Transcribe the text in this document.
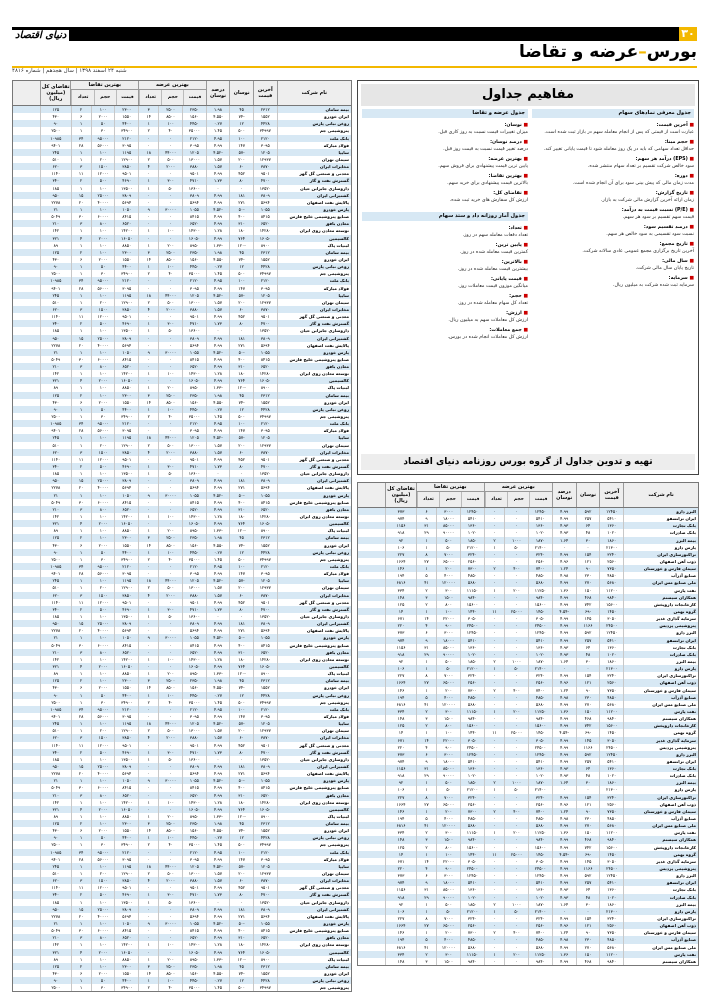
۳۰
دنیای اقتصاد
بورس–عرضه و تقاضا
شنبه ۲۴ اسفند ۱۳۹۸ | سال هجدهم | شماره ۴۸۱۶
نام شرکت
آخرین قیمت
نوسان
درصد نوسان
بهترین عرضه
قیمت
حجم
تعداد
بهترین تقاضا
قیمت
حجم
تعداد
تقاضای کل (میلیون ریال)
بیمه سامان
۲۳۱۲
۴۵
۱.۹۸
۲۳۵۰
۲۵۰۰
۳
۲۳۰۰
۱۰۰
۲
۱۲۵
ایران خودرو
۱۵۵۲
۷۴-
۴.۵۵-
۱۵۶۰
۸۵۰۰
۱۴
۱۵۵۰
۲۰۰۰
۶
۴۳۰
روغن نباتی پارس
۴۴۲۸
۱۲
۰.۲۷
۴۴۵۰
۱۰۰
۱
۴۴۰۰
۵۰
۱
۹۰
پتروشیمی جم
۳۴۹۹۷
۵۰۰
۱.۴۵
۳۵۰۰۰
۴۰
۲
۳۴۹۰۰
۳۰
۱
۲۵۰۰
بانک ملت
۲۱۲۰
۱۰۰
۴.۹۵
۲۱۲۰
۰
۰
۲۱۲۰
۹۵۰۰۰
۳۴
۱۰۹۸۵
فولاد مبارکه
۳۰۹۵
۱۴۷
۴.۹۹
۳۰۹۵
۰
۰
۳۰۹۵
۵۶۰۰۰
۲۸
۹۴۰۱
سایپا
۱۲۰۵
۵۷-
۴.۵۲-
۱۲۰۵
۴۴۰۰۰
۱۸
۱۱۹۵
۱۰۰
۱
۲۴۵
سیمان تهران
۱۲۹۳۷
۲۰۰
۱.۵۷
۱۳۰۰۰
۵۰۰
۲
۱۲۹۰۰
۲۰۰
۱
۵۱۰
مخابرات ایران
۳۸۷۰
۶۰
۱.۵۷
۳۸۸۰
۲۰۰۰
۴
۳۸۵۰
۱۵۰۰
۳
۶۲۰
معدنی و صنعتی گل گهر
۹۵۰۱
۴۵۲
۴.۹۹
۹۵۰۱
۰
۰
۹۵۰۱
۱۲۰۰۰
۱۱
۱۱۴۰
گسترش نفت و گاز
۴۷۰۰
۸۰
۱.۷۳
۴۷۱۰
۳۰۰
۱
۴۶۹۰
۵۰۰
۲
۳۴۰
داروسازی جابرابن حیان
۱۳۵۲۰
۰
۰
۱۳۶۰۰
۵۰
۱
۱۳۵۰۰
۱۰۰
۱
۱۸۵
کشتیرانی ایران
۳۸۰۹
۱۸۱
۴.۹۹
۳۸۰۹
۰
۰
۳۸۰۹
۲۵۰۰۰
۱۵
۹۵۰
پالایش نفت اصفهان
۵۶۹۴
۲۷۱
۴.۹۹
۵۶۹۴
۰
۰
۵۶۹۴
۴۰۰۰۰
۲۰
۲۲۷۸
پارس خودرو
۱۰۵۵
۵۰-
۴.۵۲-
۱۰۵۵
۳۰۰۰۰
۹
۱۰۵۰
۱۰۰
۱
۲۱
صنایع پتروشیمی خلیج فارس
۸۴۱۵
۴۰۰
۴.۹۹
۸۴۱۵
۰
۰
۸۴۱۵
۶۰۰۰۰
۳۰
۵۰۴۹
معادن بافق
۶۵۲۰
۳۱۰
۴.۹۹
۶۵۲۰
۰
۰
۶۵۲۰
۸۰۰
۳
۲۱۰
توسعه معادن روی ایران
۱۴۲۸۰
۱۸۰
۱.۲۸
۱۴۳۰۰
۱۰۰
۱
۱۴۲۰۰
۱۰۰
۱
۱۴۲
کالسیمین
۱۶۰۵۰
۷۶۴
۴.۹۹
۱۶۰۵۰
۰
۰
۱۶۰۵۰
۲۰۰۰
۴
۳۲۱
لبنیات پاک
۸۹۰۰
۱۲۰-
۱.۳۳-
۸۹۵۰
۲۰۰
۱
۸۸۵۰
۱۰۰
۱
۸۹
بیمه سامان
۲۳۱۲
۴۵
۱.۹۸
۲۳۵۰
۲۵۰۰
۳
۲۳۰۰
۱۰۰
۲
۱۲۵
ایران خودرو
۱۵۵۲
۷۴-
۴.۵۵-
۱۵۶۰
۸۵۰۰
۱۴
۱۵۵۰
۲۰۰۰
۶
۴۳۰
روغن نباتی پارس
۴۴۲۸
۱۲
۰.۲۷
۴۴۵۰
۱۰۰
۱
۴۴۰۰
۵۰
۱
۹۰
پتروشیمی جم
۳۴۹۹۷
۵۰۰
۱.۴۵
۳۵۰۰۰
۴۰
۲
۳۴۹۰۰
۳۰
۱
۲۵۰۰
بانک ملت
۲۱۲۰
۱۰۰
۴.۹۵
۲۱۲۰
۰
۰
۲۱۲۰
۹۵۰۰۰
۳۴
۱۰۹۸۵
فولاد مبارکه
۳۰۹۵
۱۴۷
۴.۹۹
۳۰۹۵
۰
۰
۳۰۹۵
۵۶۰۰۰
۲۸
۹۴۰۱
سایپا
۱۲۰۵
۵۷-
۴.۵۲-
۱۲۰۵
۴۴۰۰۰
۱۸
۱۱۹۵
۱۰۰
۱
۲۴۵
سیمان تهران
۱۲۹۳۷
۲۰۰
۱.۵۷
۱۳۰۰۰
۵۰۰
۲
۱۲۹۰۰
۲۰۰
۱
۵۱۰
مخابرات ایران
۳۸۷۰
۶۰
۱.۵۷
۳۸۸۰
۲۰۰۰
۴
۳۸۵۰
۱۵۰۰
۳
۶۲۰
معدنی و صنعتی گل گهر
۹۵۰۱
۴۵۲
۴.۹۹
۹۵۰۱
۰
۰
۹۵۰۱
۱۲۰۰۰
۱۱
۱۱۴۰
گسترش نفت و گاز
۴۷۰۰
۸۰
۱.۷۳
۴۷۱۰
۳۰۰
۱
۴۶۹۰
۵۰۰
۲
۳۴۰
داروسازی جابرابن حیان
۱۳۵۲۰
۰
۰
۱۳۶۰۰
۵۰
۱
۱۳۵۰۰
۱۰۰
۱
۱۸۵
کشتیرانی ایران
۳۸۰۹
۱۸۱
۴.۹۹
۳۸۰۹
۰
۰
۳۸۰۹
۲۵۰۰۰
۱۵
۹۵۰
پالایش نفت اصفهان
۵۶۹۴
۲۷۱
۴.۹۹
۵۶۹۴
۰
۰
۵۶۹۴
۴۰۰۰۰
۲۰
۲۲۷۸
پارس خودرو
۱۰۵۵
۵۰-
۴.۵۲-
۱۰۵۵
۳۰۰۰۰
۹
۱۰۵۰
۱۰۰
۱
۲۱
صنایع پتروشیمی خلیج فارس
۸۴۱۵
۴۰۰
۴.۹۹
۸۴۱۵
۰
۰
۸۴۱۵
۶۰۰۰۰
۳۰
۵۰۴۹
معادن بافق
۶۵۲۰
۳۱۰
۴.۹۹
۶۵۲۰
۰
۰
۶۵۲۰
۸۰۰
۳
۲۱۰
توسعه معادن روی ایران
۱۴۲۸۰
۱۸۰
۱.۲۸
۱۴۳۰۰
۱۰۰
۱
۱۴۲۰۰
۱۰۰
۱
۱۴۲
کالسیمین
۱۶۰۵۰
۷۶۴
۴.۹۹
۱۶۰۵۰
۰
۰
۱۶۰۵۰
۲۰۰۰
۴
۳۲۱
لبنیات پاک
۸۹۰۰
۱۲۰-
۱.۳۳-
۸۹۵۰
۲۰۰
۱
۸۸۵۰
۱۰۰
۱
۸۹
بیمه سامان
۲۳۱۲
۴۵
۱.۹۸
۲۳۵۰
۲۵۰۰
۳
۲۳۰۰
۱۰۰
۲
۱۲۵
ایران خودرو
۱۵۵۲
۷۴-
۴.۵۵-
۱۵۶۰
۸۵۰۰
۱۴
۱۵۵۰
۲۰۰۰
۶
۴۳۰
روغن نباتی پارس
۴۴۲۸
۱۲
۰.۲۷
۴۴۵۰
۱۰۰
۱
۴۴۰۰
۵۰
۱
۹۰
پتروشیمی جم
۳۴۹۹۷
۵۰۰
۱.۴۵
۳۵۰۰۰
۴۰
۲
۳۴۹۰۰
۳۰
۱
۲۵۰۰
بانک ملت
۲۱۲۰
۱۰۰
۴.۹۵
۲۱۲۰
۰
۰
۲۱۲۰
۹۵۰۰۰
۳۴
۱۰۹۸۵
فولاد مبارکه
۳۰۹۵
۱۴۷
۴.۹۹
۳۰۹۵
۰
۰
۳۰۹۵
۵۶۰۰۰
۲۸
۹۴۰۱
سایپا
۱۲۰۵
۵۷-
۴.۵۲-
۱۲۰۵
۴۴۰۰۰
۱۸
۱۱۹۵
۱۰۰
۱
۲۴۵
سیمان تهران
۱۲۹۳۷
۲۰۰
۱.۵۷
۱۳۰۰۰
۵۰۰
۲
۱۲۹۰۰
۲۰۰
۱
۵۱۰
مخابرات ایران
۳۸۷۰
۶۰
۱.۵۷
۳۸۸۰
۲۰۰۰
۴
۳۸۵۰
۱۵۰۰
۳
۶۲۰
معدنی و صنعتی گل گهر
۹۵۰۱
۴۵۲
۴.۹۹
۹۵۰۱
۰
۰
۹۵۰۱
۱۲۰۰۰
۱۱
۱۱۴۰
گسترش نفت و گاز
۴۷۰۰
۸۰
۱.۷۳
۴۷۱۰
۳۰۰
۱
۴۶۹۰
۵۰۰
۲
۳۴۰
داروسازی جابرابن حیان
۱۳۵۲۰
۰
۰
۱۳۶۰۰
۵۰
۱
۱۳۵۰۰
۱۰۰
۱
۱۸۵
کشتیرانی ایران
۳۸۰۹
۱۸۱
۴.۹۹
۳۸۰۹
۰
۰
۳۸۰۹
۲۵۰۰۰
۱۵
۹۵۰
پالایش نفت اصفهان
۵۶۹۴
۲۷۱
۴.۹۹
۵۶۹۴
۰
۰
۵۶۹۴
۴۰۰۰۰
۲۰
۲۲۷۸
پارس خودرو
۱۰۵۵
۵۰-
۴.۵۲-
۱۰۵۵
۳۰۰۰۰
۹
۱۰۵۰
۱۰۰
۱
۲۱
صنایع پتروشیمی خلیج فارس
۸۴۱۵
۴۰۰
۴.۹۹
۸۴۱۵
۰
۰
۸۴۱۵
۶۰۰۰۰
۳۰
۵۰۴۹
معادن بافق
۶۵۲۰
۳۱۰
۴.۹۹
۶۵۲۰
۰
۰
۶۵۲۰
۸۰۰
۳
۲۱۰
توسعه معادن روی ایران
۱۴۲۸۰
۱۸۰
۱.۲۸
۱۴۳۰۰
۱۰۰
۱
۱۴۲۰۰
۱۰۰
۱
۱۴۲
کالسیمین
۱۶۰۵۰
۷۶۴
۴.۹۹
۱۶۰۵۰
۰
۰
۱۶۰۵۰
۲۰۰۰
۴
۳۲۱
لبنیات پاک
۸۹۰۰
۱۲۰-
۱.۳۳-
۸۹۵۰
۲۰۰
۱
۸۸۵۰
۱۰۰
۱
۸۹
بیمه سامان
۲۳۱۲
۴۵
۱.۹۸
۲۳۵۰
۲۵۰۰
۳
۲۳۰۰
۱۰۰
۲
۱۲۵
ایران خودرو
۱۵۵۲
۷۴-
۴.۵۵-
۱۵۶۰
۸۵۰۰
۱۴
۱۵۵۰
۲۰۰۰
۶
۴۳۰
روغن نباتی پارس
۴۴۲۸
۱۲
۰.۲۷
۴۴۵۰
۱۰۰
۱
۴۴۰۰
۵۰
۱
۹۰
پتروشیمی جم
۳۴۹۹۷
۵۰۰
۱.۴۵
۳۵۰۰۰
۴۰
۲
۳۴۹۰۰
۳۰
۱
۲۵۰۰
بانک ملت
۲۱۲۰
۱۰۰
۴.۹۵
۲۱۲۰
۰
۰
۲۱۲۰
۹۵۰۰۰
۳۴
۱۰۹۸۵
فولاد مبارکه
۳۰۹۵
۱۴۷
۴.۹۹
۳۰۹۵
۰
۰
۳۰۹۵
۵۶۰۰۰
۲۸
۹۴۰۱
سایپا
۱۲۰۵
۵۷-
۴.۵۲-
۱۲۰۵
۴۴۰۰۰
۱۸
۱۱۹۵
۱۰۰
۱
۲۴۵
سیمان تهران
۱۲۹۳۷
۲۰۰
۱.۵۷
۱۳۰۰۰
۵۰۰
۲
۱۲۹۰۰
۲۰۰
۱
۵۱۰
مخابرات ایران
۳۸۷۰
۶۰
۱.۵۷
۳۸۸۰
۲۰۰۰
۴
۳۸۵۰
۱۵۰۰
۳
۶۲۰
معدنی و صنعتی گل گهر
۹۵۰۱
۴۵۲
۴.۹۹
۹۵۰۱
۰
۰
۹۵۰۱
۱۲۰۰۰
۱۱
۱۱۴۰
گسترش نفت و گاز
۴۷۰۰
۸۰
۱.۷۳
۴۷۱۰
۳۰۰
۱
۴۶۹۰
۵۰۰
۲
۳۴۰
داروسازی جابرابن حیان
۱۳۵۲۰
۰
۰
۱۳۶۰۰
۵۰
۱
۱۳۵۰۰
۱۰۰
۱
۱۸۵
کشتیرانی ایران
۳۸۰۹
۱۸۱
۴.۹۹
۳۸۰۹
۰
۰
۳۸۰۹
۲۵۰۰۰
۱۵
۹۵۰
پالایش نفت اصفهان
۵۶۹۴
۲۷۱
۴.۹۹
۵۶۹۴
۰
۰
۵۶۹۴
۴۰۰۰۰
۲۰
۲۲۷۸
پارس خودرو
۱۰۵۵
۵۰-
۴.۵۲-
۱۰۵۵
۳۰۰۰۰
۹
۱۰۵۰
۱۰۰
۱
۲۱
صنایع پتروشیمی خلیج فارس
۸۴۱۵
۴۰۰
۴.۹۹
۸۴۱۵
۰
۰
۸۴۱۵
۶۰۰۰۰
۳۰
۵۰۴۹
معادن بافق
۶۵۲۰
۳۱۰
۴.۹۹
۶۵۲۰
۰
۰
۶۵۲۰
۸۰۰
۳
۲۱۰
توسعه معادن روی ایران
۱۴۲۸۰
۱۸۰
۱.۲۸
۱۴۳۰۰
۱۰۰
۱
۱۴۲۰۰
۱۰۰
۱
۱۴۲
کالسیمین
۱۶۰۵۰
۷۶۴
۴.۹۹
۱۶۰۵۰
۰
۰
۱۶۰۵۰
۲۰۰۰
۴
۳۲۱
لبنیات پاک
۸۹۰۰
۱۲۰-
۱.۳۳-
۸۹۵۰
۲۰۰
۱
۸۸۵۰
۱۰۰
۱
۸۹
بیمه سامان
۲۳۱۲
۴۵
۱.۹۸
۲۳۵۰
۲۵۰۰
۳
۲۳۰۰
۱۰۰
۲
۱۲۵
ایران خودرو
۱۵۵۲
۷۴-
۴.۵۵-
۱۵۶۰
۸۵۰۰
۱۴
۱۵۵۰
۲۰۰۰
۶
۴۳۰
روغن نباتی پارس
۴۴۲۸
۱۲
۰.۲۷
۴۴۵۰
۱۰۰
۱
۴۴۰۰
۵۰
۱
۹۰
پتروشیمی جم
۳۴۹۹۷
۵۰۰
۱.۴۵
۳۵۰۰۰
۴۰
۲
۳۴۹۰۰
۳۰
۱
۲۵۰۰
بانک ملت
۲۱۲۰
۱۰۰
۴.۹۵
۲۱۲۰
۰
۰
۲۱۲۰
۹۵۰۰۰
۳۴
۱۰۹۸۵
فولاد مبارکه
۳۰۹۵
۱۴۷
۴.۹۹
۳۰۹۵
۰
۰
۳۰۹۵
۵۶۰۰۰
۲۸
۹۴۰۱
سایپا
۱۲۰۵
۵۷-
۴.۵۲-
۱۲۰۵
۴۴۰۰۰
۱۸
۱۱۹۵
۱۰۰
۱
۲۴۵
سیمان تهران
۱۲۹۳۷
۲۰۰
۱.۵۷
۱۳۰۰۰
۵۰۰
۲
۱۲۹۰۰
۲۰۰
۱
۵۱۰
مخابرات ایران
۳۸۷۰
۶۰
۱.۵۷
۳۸۸۰
۲۰۰۰
۴
۳۸۵۰
۱۵۰۰
۳
۶۲۰
معدنی و صنعتی گل گهر
۹۵۰۱
۴۵۲
۴.۹۹
۹۵۰۱
۰
۰
۹۵۰۱
۱۲۰۰۰
۱۱
۱۱۴۰
گسترش نفت و گاز
۴۷۰۰
۸۰
۱.۷۳
۴۷۱۰
۳۰۰
۱
۴۶۹۰
۵۰۰
۲
۳۴۰
داروسازی جابرابن حیان
۱۳۵۲۰
۰
۰
۱۳۶۰۰
۵۰
۱
۱۳۵۰۰
۱۰۰
۱
۱۸۵
کشتیرانی ایران
۳۸۰۹
۱۸۱
۴.۹۹
۳۸۰۹
۰
۰
۳۸۰۹
۲۵۰۰۰
۱۵
۹۵۰
پالایش نفت اصفهان
۵۶۹۴
۲۷۱
۴.۹۹
۵۶۹۴
۰
۰
۵۶۹۴
۴۰۰۰۰
۲۰
۲۲۷۸
پارس خودرو
۱۰۵۵
۵۰-
۴.۵۲-
۱۰۵۵
۳۰۰۰۰
۹
۱۰۵۰
۱۰۰
۱
۲۱
صنایع پتروشیمی خلیج فارس
۸۴۱۵
۴۰۰
۴.۹۹
۸۴۱۵
۰
۰
۸۴۱۵
۶۰۰۰۰
۳۰
۵۰۴۹
معادن بافق
۶۵۲۰
۳۱۰
۴.۹۹
۶۵۲۰
۰
۰
۶۵۲۰
۸۰۰
۳
۲۱۰
توسعه معادن روی ایران
۱۴۲۸۰
۱۸۰
۱.۲۸
۱۴۳۰۰
۱۰۰
۱
۱۴۲۰۰
۱۰۰
۱
۱۴۲
کالسیمین
۱۶۰۵۰
۷۶۴
۴.۹۹
۱۶۰۵۰
۰
۰
۱۶۰۵۰
۲۰۰۰
۴
۳۲۱
لبنیات پاک
۸۹۰۰
۱۲۰-
۱.۳۳-
۸۹۵۰
۲۰۰
۱
۸۸۵۰
۱۰۰
۱
۸۹
بیمه سامان
۲۳۱۲
۴۵
۱.۹۸
۲۳۵۰
۲۵۰۰
۳
۲۳۰۰
۱۰۰
۲
۱۲۵
ایران خودرو
۱۵۵۲
۷۴-
۴.۵۵-
۱۵۶۰
۸۵۰۰
۱۴
۱۵۵۰
۲۰۰۰
۶
۴۳۰
روغن نباتی پارس
۴۴۲۸
۱۲
۰.۲۷
۴۴۵۰
۱۰۰
۱
۴۴۰۰
۵۰
۱
۹۰
پتروشیمی جم
۳۴۹۹۷
۵۰۰
۱.۴۵
۳۵۰۰۰
۴۰
۲
۳۴۹۰۰
۳۰
۱
۲۵۰۰
بانک ملت
۲۱۲۰
۱۰۰
۴.۹۵
۲۱۲۰
۰
۰
۲۱۲۰
۹۵۰۰۰
۳۴
۱۰۹۸۵
فولاد مبارکه
۳۰۹۵
۱۴۷
۴.۹۹
۳۰۹۵
۰
۰
۳۰۹۵
۵۶۰۰۰
۲۸
۹۴۰۱
سایپا
۱۲۰۵
۵۷-
۴.۵۲-
۱۲۰۵
۴۴۰۰۰
۱۸
۱۱۹۵
۱۰۰
۱
۲۴۵
سیمان تهران
۱۲۹۳۷
۲۰۰
۱.۵۷
۱۳۰۰۰
۵۰۰
۲
۱۲۹۰۰
۲۰۰
۱
۵۱۰
مخابرات ایران
۳۸۷۰
۶۰
۱.۵۷
۳۸۸۰
۲۰۰۰
۴
۳۸۵۰
۱۵۰۰
۳
۶۲۰
معدنی و صنعتی گل گهر
۹۵۰۱
۴۵۲
۴.۹۹
۹۵۰۱
۰
۰
۹۵۰۱
۱۲۰۰۰
۱۱
۱۱۴۰
گسترش نفت و گاز
۴۷۰۰
۸۰
۱.۷۳
۴۷۱۰
۳۰۰
۱
۴۶۹۰
۵۰۰
۲
۳۴۰
داروسازی جابرابن حیان
۱۳۵۲۰
۰
۰
۱۳۶۰۰
۵۰
۱
۱۳۵۰۰
۱۰۰
۱
۱۸۵
کشتیرانی ایران
۳۸۰۹
۱۸۱
۴.۹۹
۳۸۰۹
۰
۰
۳۸۰۹
۲۵۰۰۰
۱۵
۹۵۰
پالایش نفت اصفهان
۵۶۹۴
۲۷۱
۴.۹۹
۵۶۹۴
۰
۰
۵۶۹۴
۴۰۰۰۰
۲۰
۲۲۷۸
پارس خودرو
۱۰۵۵
۵۰-
۴.۵۲-
۱۰۵۵
۳۰۰۰۰
۹
۱۰۵۰
۱۰۰
۱
۲۱
صنایع پتروشیمی خلیج فارس
۸۴۱۵
۴۰۰
۴.۹۹
۸۴۱۵
۰
۰
۸۴۱۵
۶۰۰۰۰
۳۰
۵۰۴۹
معادن بافق
۶۵۲۰
۳۱۰
۴.۹۹
۶۵۲۰
۰
۰
۶۵۲۰
۸۰۰
۳
۲۱۰
توسعه معادن روی ایران
۱۴۲۸۰
۱۸۰
۱.۲۸
۱۴۳۰۰
۱۰۰
۱
۱۴۲۰۰
۱۰۰
۱
۱۴۲
کالسیمین
۱۶۰۵۰
۷۶۴
۴.۹۹
۱۶۰۵۰
۰
۰
۱۶۰۵۰
۲۰۰۰
۴
۳۲۱
لبنیات پاک
۸۹۰۰
۱۲۰-
۱.۳۳-
۸۹۵۰
۲۰۰
۱
۸۸۵۰
۱۰۰
۱
۸۹
بیمه سامان
۲۳۱۲
۴۵
۱.۹۸
۲۳۵۰
۲۵۰۰
۳
۲۳۰۰
۱۰۰
۲
۱۲۵
ایران خودرو
۱۵۵۲
۷۴-
۴.۵۵-
۱۵۶۰
۸۵۰۰
۱۴
۱۵۵۰
۲۰۰۰
۶
۴۳۰
روغن نباتی پارس
۴۴۲۸
۱۲
۰.۲۷
۴۴۵۰
۱۰۰
۱
۴۴۰۰
۵۰
۱
۹۰
پتروشیمی جم
۳۴۹۹۷
۵۰۰
۱.۴۵
۳۵۰۰۰
۴۰
۲
۳۴۹۰۰
۳۰
۱
۲۵۰۰
مفاهیم جداول
جدول معرفی نمادهای سهام
■ آخرین قیمت:

عبارت است از قیمتی که پس از انجام معامله سهم در بازار ثبت شده است.

■ حجم مبنا:

حداقل تعداد سهامی که باید در یک روز معامله شود تا قیمت پایانی تغییر کند.

■ (EPS) درآمد هر سهم:

سود خالص شرکت تقسیم بر تعداد سهام منتشر شده.

■ دوره:

مدت زمان مالی که پیش بینی سود برای آن انجام شده است.

■ تاریخ گزارش:

زمان ارائه آخرین گزارش مالی شرکت به بازار.

■ (P/E) نسبت قیمت به درآمد:

قیمت سهم تقسیم بر سود هر سهم.

■ درصد تقسیم سود:

نسبت سود تقسیمی به سود خالص هر سهم.

■ تاریخ مجمع:

آخرین تاریخ برگزاری مجمع عمومی عادی سالانه شرکت.

■ سال مالی:

تاریخ پایان سال مالی شرکت.

■ سرمایه:

سرمایه ثبت شده شرکت به میلیون ریال.

جدول عرضه و تقاضا
■ نوسان:

میزان تغییرات قیمت نسبت به روز کاری قبل.

■ درصد نوسان:

درصد تغییر قیمت نسبت به قیمت روز قبل.

■ بهترین عرضه:

پایین ترین قیمت پیشنهادی برای فروش سهم.

■ بهترین تقاضا:

بالاترین قیمت پیشنهادی برای خرید سهم.

■ تقاضای کل:

ارزش کل سفارش های خرید ثبت شده.

جدول آمار روزانه داد و ستد سهام
■ تعداد:

تعداد دفعات معامله سهم در روز.

■ پایین ترین:

کمترین قیمت معامله شده در روز.

■ بالاترین:

بیشترین قیمت معامله شده در روز.

■ قیمت پایانی:

میانگین موزون قیمت معاملات روز.

■ حجم:

تعداد کل سهام معامله شده در روز.

■ ارزش:

ارزش کل معاملات سهم به میلیون ریال.

■ جمع معاملات:

ارزش کل معاملات انجام شده در بورس.

تهیه و تدوین جداول از گروه بورس روزنامه دنیای اقتصاد
نام شرکت
آخرین قیمت
نوسان
درصد نوسان
بهترین عرضه
قیمت
حجم
تعداد
بهترین تقاضا
قیمت
حجم
تعداد
تقاضای کل (میلیون ریال)
البرز دارو
۱۲۴۵۰
۵۹۲
۴.۹۹
۱۲۴۵۰
۰
۰
۱۲۴۵۰
۳۰۰۰
۶
۳۷۳
ایران ترانسفو
۵۴۱۰
۲۵۷
۴.۹۹
۵۴۱۰
۰
۰
۵۴۱۰
۱۸۰۰۰
۹
۹۷۴
بانک تجارت
۱۳۶۰
۶۴
۴.۹۳
۱۳۶۰
۰
۰
۱۳۶۰
۸۵۰۰۰
۳۱
۱۱۵۶
بانک صادرات
۱۰۲۰
۴۸
۴.۹۳
۱۰۲۰
۰
۰
۱۰۲۰
۹۰۰۰۰
۲۹
۹۱۸
بیمه البرز
۱۸۶۰
۳۰
۱.۶۴
۱۸۷۰
۱۰۰۰
۲
۱۸۵۰
۵۰۰
۱
۹۲
پارس دارو
۲۱۳۰۰
۰
۰
۲۱۴۰۰
۵۰
۱
۲۱۲۰۰
۵۰
۱
۱۰۶
تراکتورسازی ایران
۳۲۴۰
۱۵۴
۴.۹۹
۳۲۴۰
۰
۰
۳۲۴۰
۷۰۰۰
۸
۲۲۷
ذوب آهن اصفهان
۲۵۶۰
۱۲۱
۴.۹۶
۲۵۶۰
۰
۰
۲۵۶۰
۶۵۰۰۰
۲۷
۱۶۶۴
سیمان فارس و خوزستان
۷۳۵۰
۹۰
۱.۲۴
۷۴۰۰
۴۰۰
۲
۷۳۰۰
۲۰۰
۱
۱۴۶
صنایع آذرآب
۴۸۵۰
۲۳۰
۴.۹۸
۴۸۵۰
۰
۰
۴۸۵۰
۴۰۰۰
۵
۱۹۴
ملی صنایع مس ایران
۵۶۸۰
۲۷۰
۴.۹۹
۵۶۸۰
۰
۰
۵۶۸۰
۱۲۰۰۰۰
۴۱
۶۸۱۶
نفت پارس
۱۱۲۰۰
۱۵۰
۱.۳۶
۱۱۲۵۰
۲۰۰
۱
۱۱۱۵۰
۳۰۰
۲
۳۳۴
همکاران سیستم
۹۸۴۰
۴۶۸
۴.۹۹
۹۸۴۰
۰
۰
۹۸۴۰
۱۵۰۰
۳
۱۴۸
کارخانجات داروپخش
۱۵۶۰۰
۷۴۲
۴.۹۹
۱۵۶۰۰
۰
۰
۱۵۶۰۰
۸۰۰
۲
۱۲۵
گروه بهمن
۱۴۵۰
۶۹-
۴.۵۴-
۱۴۵۰
۲۵۰۰۰
۱۱
۱۴۴۰
۱۰۰
۱
۱۴
سرمایه گذاری غدیر
۳۰۵۰
۱۴۵
۴.۹۹
۳۰۵۰
۰
۰
۳۰۵۰
۲۲۰۰۰
۱۴
۶۷۱
پتروشیمی پردیس
۲۴۵۰۰
۱۱۶۶
۴.۹۹
۲۴۵۰۰
۰
۰
۲۴۵۰۰
۹۰۰
۴
۲۲۰
البرز دارو
۱۲۴۵۰
۵۹۲
۴.۹۹
۱۲۴۵۰
۰
۰
۱۲۴۵۰
۳۰۰۰
۶
۳۷۳
ایران ترانسفو
۵۴۱۰
۲۵۷
۴.۹۹
۵۴۱۰
۰
۰
۵۴۱۰
۱۸۰۰۰
۹
۹۷۴
بانک تجارت
۱۳۶۰
۶۴
۴.۹۳
۱۳۶۰
۰
۰
۱۳۶۰
۸۵۰۰۰
۳۱
۱۱۵۶
بانک صادرات
۱۰۲۰
۴۸
۴.۹۳
۱۰۲۰
۰
۰
۱۰۲۰
۹۰۰۰۰
۲۹
۹۱۸
بیمه البرز
۱۸۶۰
۳۰
۱.۶۴
۱۸۷۰
۱۰۰۰
۲
۱۸۵۰
۵۰۰
۱
۹۲
پارس دارو
۲۱۳۰۰
۰
۰
۲۱۴۰۰
۵۰
۱
۲۱۲۰۰
۵۰
۱
۱۰۶
تراکتورسازی ایران
۳۲۴۰
۱۵۴
۴.۹۹
۳۲۴۰
۰
۰
۳۲۴۰
۷۰۰۰
۸
۲۲۷
ذوب آهن اصفهان
۲۵۶۰
۱۲۱
۴.۹۶
۲۵۶۰
۰
۰
۲۵۶۰
۶۵۰۰۰
۲۷
۱۶۶۴
سیمان فارس و خوزستان
۷۳۵۰
۹۰
۱.۲۴
۷۴۰۰
۴۰۰
۲
۷۳۰۰
۲۰۰
۱
۱۴۶
صنایع آذرآب
۴۸۵۰
۲۳۰
۴.۹۸
۴۸۵۰
۰
۰
۴۸۵۰
۴۰۰۰
۵
۱۹۴
ملی صنایع مس ایران
۵۶۸۰
۲۷۰
۴.۹۹
۵۶۸۰
۰
۰
۵۶۸۰
۱۲۰۰۰۰
۴۱
۶۸۱۶
نفت پارس
۱۱۲۰۰
۱۵۰
۱.۳۶
۱۱۲۵۰
۲۰۰
۱
۱۱۱۵۰
۳۰۰
۲
۳۳۴
همکاران سیستم
۹۸۴۰
۴۶۸
۴.۹۹
۹۸۴۰
۰
۰
۹۸۴۰
۱۵۰۰
۳
۱۴۸
کارخانجات داروپخش
۱۵۶۰۰
۷۴۲
۴.۹۹
۱۵۶۰۰
۰
۰
۱۵۶۰۰
۸۰۰
۲
۱۲۵
گروه بهمن
۱۴۵۰
۶۹-
۴.۵۴-
۱۴۵۰
۲۵۰۰۰
۱۱
۱۴۴۰
۱۰۰
۱
۱۴
سرمایه گذاری غدیر
۳۰۵۰
۱۴۵
۴.۹۹
۳۰۵۰
۰
۰
۳۰۵۰
۲۲۰۰۰
۱۴
۶۷۱
پتروشیمی پردیس
۲۴۵۰۰
۱۱۶۶
۴.۹۹
۲۴۵۰۰
۰
۰
۲۴۵۰۰
۹۰۰
۴
۲۲۰
البرز دارو
۱۲۴۵۰
۵۹۲
۴.۹۹
۱۲۴۵۰
۰
۰
۱۲۴۵۰
۳۰۰۰
۶
۳۷۳
ایران ترانسفو
۵۴۱۰
۲۵۷
۴.۹۹
۵۴۱۰
۰
۰
۵۴۱۰
۱۸۰۰۰
۹
۹۷۴
بانک تجارت
۱۳۶۰
۶۴
۴.۹۳
۱۳۶۰
۰
۰
۱۳۶۰
۸۵۰۰۰
۳۱
۱۱۵۶
بانک صادرات
۱۰۲۰
۴۸
۴.۹۳
۱۰۲۰
۰
۰
۱۰۲۰
۹۰۰۰۰
۲۹
۹۱۸
بیمه البرز
۱۸۶۰
۳۰
۱.۶۴
۱۸۷۰
۱۰۰۰
۲
۱۸۵۰
۵۰۰
۱
۹۲
پارس دارو
۲۱۳۰۰
۰
۰
۲۱۴۰۰
۵۰
۱
۲۱۲۰۰
۵۰
۱
۱۰۶
تراکتورسازی ایران
۳۲۴۰
۱۵۴
۴.۹۹
۳۲۴۰
۰
۰
۳۲۴۰
۷۰۰۰
۸
۲۲۷
ذوب آهن اصفهان
۲۵۶۰
۱۲۱
۴.۹۶
۲۵۶۰
۰
۰
۲۵۶۰
۶۵۰۰۰
۲۷
۱۶۶۴
سیمان فارس و خوزستان
۷۳۵۰
۹۰
۱.۲۴
۷۴۰۰
۴۰۰
۲
۷۳۰۰
۲۰۰
۱
۱۴۶
صنایع آذرآب
۴۸۵۰
۲۳۰
۴.۹۸
۴۸۵۰
۰
۰
۴۸۵۰
۴۰۰۰
۵
۱۹۴
ملی صنایع مس ایران
۵۶۸۰
۲۷۰
۴.۹۹
۵۶۸۰
۰
۰
۵۶۸۰
۱۲۰۰۰۰
۴۱
۶۸۱۶
نفت پارس
۱۱۲۰۰
۱۵۰
۱.۳۶
۱۱۲۵۰
۲۰۰
۱
۱۱۱۵۰
۳۰۰
۲
۳۳۴
همکاران سیستم
۹۸۴۰
۴۶۸
۴.۹۹
۹۸۴۰
۰
۰
۹۸۴۰
۱۵۰۰
۳
۱۴۸
کارخانجات داروپخش
۱۵۶۰۰
۷۴۲
۴.۹۹
۱۵۶۰۰
۰
۰
۱۵۶۰۰
۸۰۰
۲
۱۲۵
گروه بهمن
۱۴۵۰
۶۹-
۴.۵۴-
۱۴۵۰
۲۵۰۰۰
۱۱
۱۴۴۰
۱۰۰
۱
۱۴
سرمایه گذاری غدیر
۳۰۵۰
۱۴۵
۴.۹۹
۳۰۵۰
۰
۰
۳۰۵۰
۲۲۰۰۰
۱۴
۶۷۱
پتروشیمی پردیس
۲۴۵۰۰
۱۱۶۶
۴.۹۹
۲۴۵۰۰
۰
۰
۲۴۵۰۰
۹۰۰
۴
۲۲۰
البرز دارو
۱۲۴۵۰
۵۹۲
۴.۹۹
۱۲۴۵۰
۰
۰
۱۲۴۵۰
۳۰۰۰
۶
۳۷۳
ایران ترانسفو
۵۴۱۰
۲۵۷
۴.۹۹
۵۴۱۰
۰
۰
۵۴۱۰
۱۸۰۰۰
۹
۹۷۴
بانک تجارت
۱۳۶۰
۶۴
۴.۹۳
۱۳۶۰
۰
۰
۱۳۶۰
۸۵۰۰۰
۳۱
۱۱۵۶
بانک صادرات
۱۰۲۰
۴۸
۴.۹۳
۱۰۲۰
۰
۰
۱۰۲۰
۹۰۰۰۰
۲۹
۹۱۸
بیمه البرز
۱۸۶۰
۳۰
۱.۶۴
۱۸۷۰
۱۰۰۰
۲
۱۸۵۰
۵۰۰
۱
۹۲
پارس دارو
۲۱۳۰۰
۰
۰
۲۱۴۰۰
۵۰
۱
۲۱۲۰۰
۵۰
۱
۱۰۶
تراکتورسازی ایران
۳۲۴۰
۱۵۴
۴.۹۹
۳۲۴۰
۰
۰
۳۲۴۰
۷۰۰۰
۸
۲۲۷
ذوب آهن اصفهان
۲۵۶۰
۱۲۱
۴.۹۶
۲۵۶۰
۰
۰
۲۵۶۰
۶۵۰۰۰
۲۷
۱۶۶۴
سیمان فارس و خوزستان
۷۳۵۰
۹۰
۱.۲۴
۷۴۰۰
۴۰۰
۲
۷۳۰۰
۲۰۰
۱
۱۴۶
صنایع آذرآب
۴۸۵۰
۲۳۰
۴.۹۸
۴۸۵۰
۰
۰
۴۸۵۰
۴۰۰۰
۵
۱۹۴
ملی صنایع مس ایران
۵۶۸۰
۲۷۰
۴.۹۹
۵۶۸۰
۰
۰
۵۶۸۰
۱۲۰۰۰۰
۴۱
۶۸۱۶
نفت پارس
۱۱۲۰۰
۱۵۰
۱.۳۶
۱۱۲۵۰
۲۰۰
۱
۱۱۱۵۰
۳۰۰
۲
۳۳۴
همکاران سیستم
۹۸۴۰
۴۶۸
۴.۹۹
۹۸۴۰
۰
۰
۹۸۴۰
۱۵۰۰
۳
۱۴۸
